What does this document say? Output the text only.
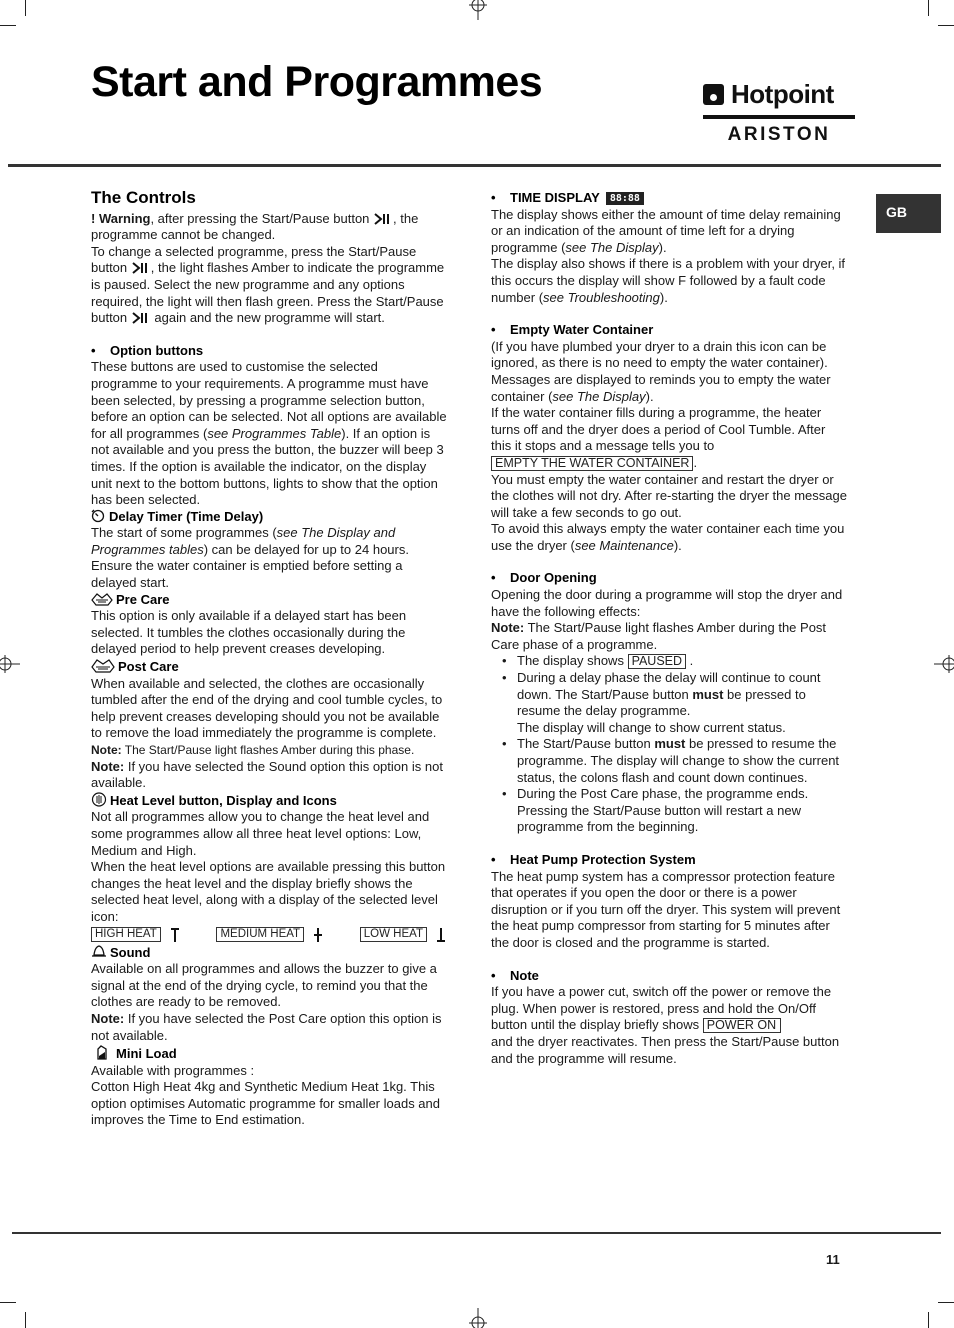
Start and Programmes	Hotpoint
ARISTON
GB
The Controls

! Warning, after pressing the Start/Pause button , the programme cannot be changed.

To change a selected programme, press the Start/Pause button , the light flashes Amber to indicate the programme is paused. Select the new programme and any options required, the light will then flash green. Press the Start/Pause button  again and the new programme will start.

• Option buttons

These buttons are used to customise the selected programme to your requirements. A programme must have been selected, by pressing a programme selection button, before an option can be selected. Not all options are available for all programmes (see Programmes Table). If an option is not available and you press the button, the buzzer will beep 3 times. If the option is available the indicator, on the display unit next to the bottom buttons, lights to show that the option has been selected.

Delay Timer (Time Delay)

The start of some programmes (see The Display and Programmes tables) can be delayed for up to 24 hours. Ensure the water container is emptied before setting a delayed start.

Pre Care

This option is only available if a delayed start has been selected. It tumbles the clothes occasionally during the delayed period to help prevent creases developing.

Post Care

When available and selected, the clothes are occasionally tumbled after the end of the drying and cool tumble cycles, to help prevent creases developing should you not be available to remove the load immediately the programme is complete.

Note: The Start/Pause light flashes Amber during this phase.

Note: If you have selected the Sound option this option is not available.

Heat Level button, Display and Icons

Not all programmes allow you to change the heat level and some programmes allow all three heat level options: Low, Medium and High.

When the heat level options are available pressing this button changes the heat level and the display briefly shows the selected heat level, along with a display of the selected level icon:

HIGH HEAT	MEDIUM HEAT	LOW HEAT

Sound

Available on all programmes and allows the buzzer to give a signal at the end of the drying cycle, to remind you that the clothes are ready to be removed.

Note: If you have selected the Post Care option this option is not available.

Mini Load

Available with programmes :

Cotton High Heat 4kg and Synthetic Medium Heat 1kg. This option optimises Automatic programme for smaller loads and improves the Time to End estimation.

• TIME DISPLAY 88:88

The display shows either the amount of time delay remaining or an indication of the amount of time left for a drying programme (see The Display).

The display also shows if there is a problem with your dryer, if this occurs the display will show F followed by a fault code number (see Troubleshooting).

• Empty Water Container

(If you have plumbed your dryer to a drain this icon can be ignored, as there is no need to empty the water container). Messages are displayed to reminds you to empty the water container (see The Display).

If the water container fills during a programme, the heater turns off and the dryer does a period of Cool Tumble. After this it stops and a message tells you to

EMPTY THE WATER CONTAINER .

You must empty the water container and restart the dryer or the clothes will not dry. After re-starting the dryer the message will take a few seconds to go out.

To avoid this always empty the water container each time you use the dryer (see Maintenance).

• Door Opening

Opening the door during a programme will stop the dryer and have the following effects:

Note: The Start/Pause light flashes Amber during the Post Care phase of a programme.

• The display shows PAUSED .
• During a delay phase the delay will continue to count down. The Start/Pause button must be pressed to resume the delay programme.
The display will change to show current status.
• The Start/Pause button must be pressed to resume the programme. The display will change to show the current status, the colons flash and count down continues.
• During the Post Care phase, the programme ends. Pressing the Start/Pause button will restart a new programme from the beginning.

• Heat Pump Protection System

The heat pump system has a compressor protection feature that operates if you open the door or there is a power disruption or if you turn off the dryer. This system will prevent the heat pump compressor from starting for 5 minutes after the door is closed and the programme is started.

• Note

If you have a power cut, switch off the power or remove the plug. When power is restored, press and hold the On/Off button until the display briefly shows POWER ON
and the dryer reactivates. Then press the Start/Pause button and the programme will resume.

11
